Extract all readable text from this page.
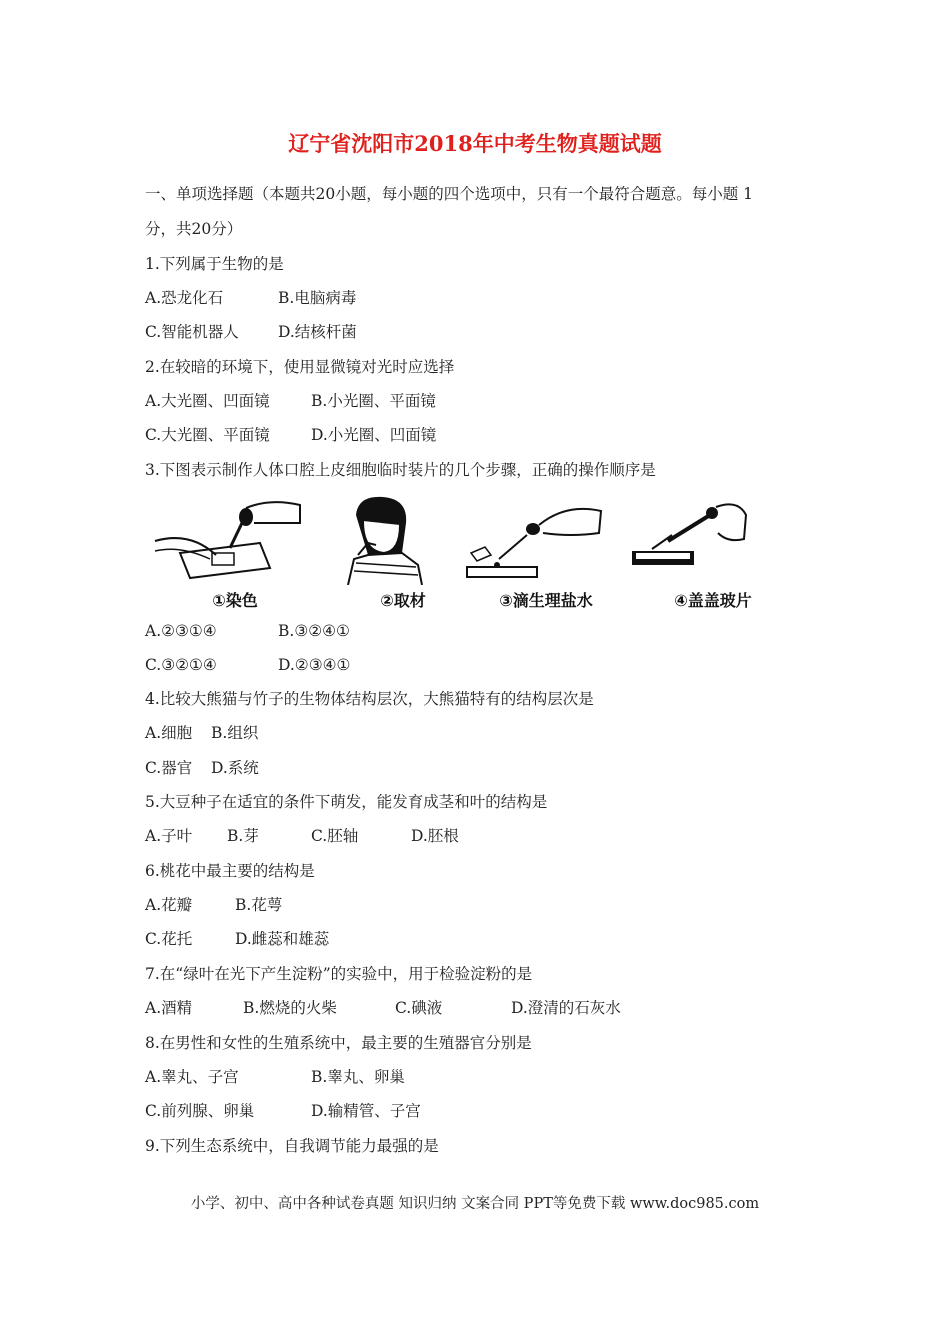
辽宁省沈阳市2018年中考生物真题试题
一、单项选择题（本题共20小题，每小题的四个选项中，只有一个最符合题意。每小题 1
分，共20分）
1.下列属于生物的是
A.恐龙化石	B.电脑病毒
C.智能机器人	D.结核杆菌
2.在较暗的环境下，使用显微镜对光时应选择
A.大光圈、凹面镜	B.小光圈、平面镜
C.大光圈、平面镜	D.小光圈、凹面镜
3.下图表示制作人体口腔上皮细胞临时装片的几个步骤，正确的操作顺序是
①染色	②取材	③滴生理盐水	④盖盖玻片
A.②③①④	B.③②④①
C.③②①④	D.②③④①
4.比较大熊猫与竹子的生物体结构层次，大熊猫特有的结构层次是
A.细胞 B.组织
C.器官 D.系统
5.大豆种子在适宜的条件下萌发，能发育成茎和叶的结构是
A.子叶 B.芽	C.胚轴	D.胚根
6.桃花中最主要的结构是
A.花瓣	B.花萼
C.花托	D.雌蕊和雄蕊
7.在“绿叶在光下产生淀粉”的实验中，用于检验淀粉的是
A.酒精	B.燃烧的火柴	C.碘液	D.澄清的石灰水
8.在男性和女性的生殖系统中，最主要的生殖器官分别是
A.睾丸、子宫	B.睾丸、卵巢
C.前列腺、卵巢	D.输精管、子宫
9.下列生态系统中，自我调节能力最强的是
小学、初中、高中各种试卷真题 知识归纳 文案合同 PPT等免费下载 www.doc985.com
